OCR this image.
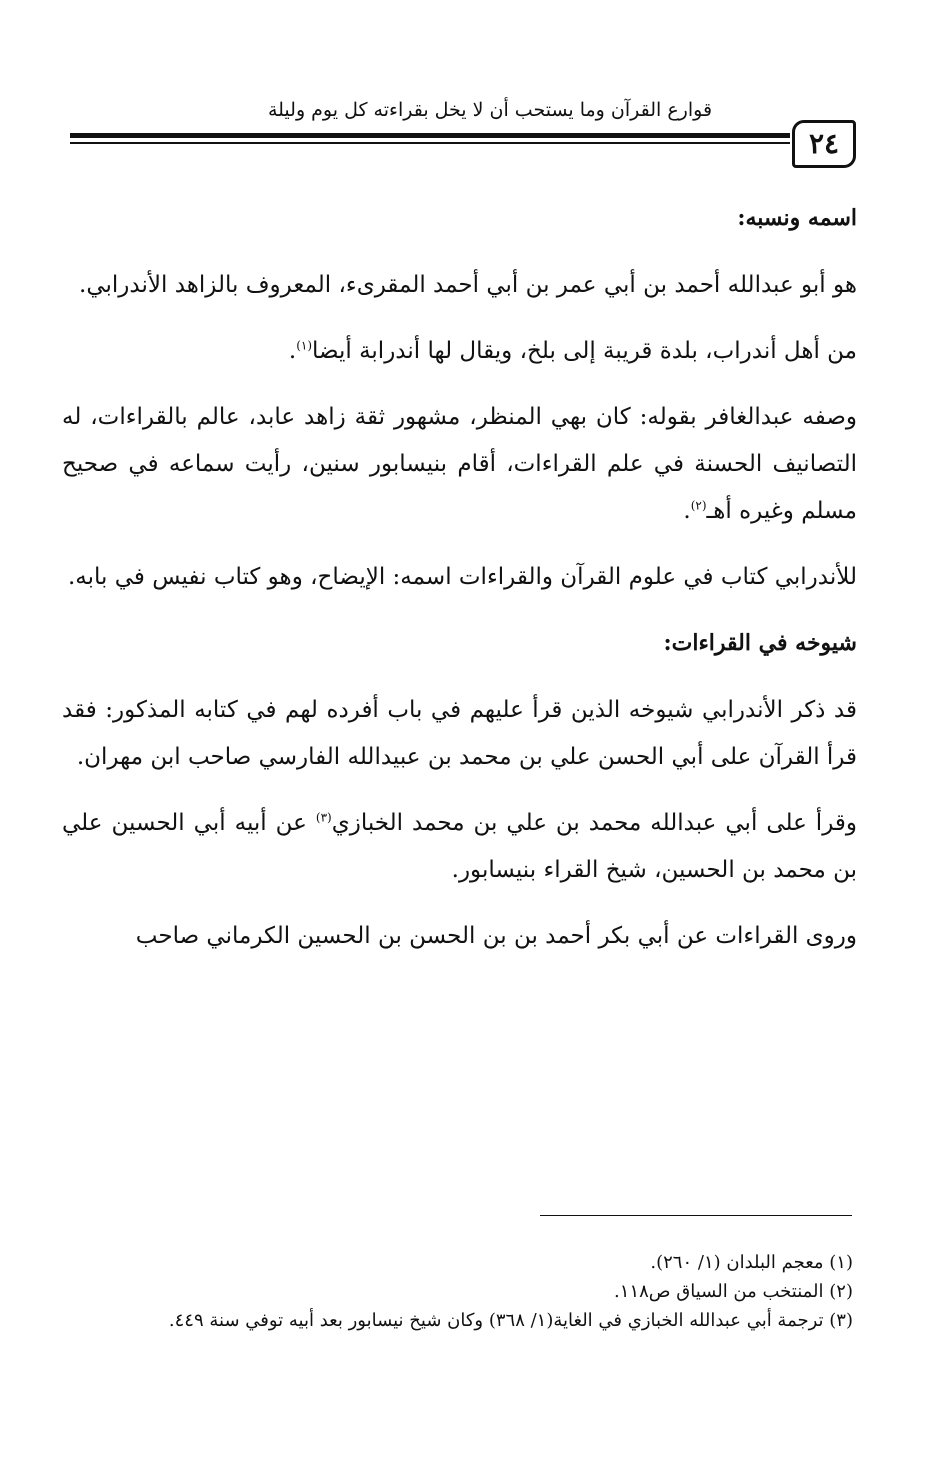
قوارع القرآن وما يستحب أن لا يخل بقراءته كل يوم وليلة
٢٤

اسمه ونسبه:

هو أبو عبدالله أحمد بن أبي عمر بن أبي أحمد المقرىء، المعروف بالزاهد الأندرابي.

من أهل أندراب، بلدة قريبة إلى بلخ، ويقال لها أندرابة أيضا$^{(١)}$.

وصفه عبدالغافر بقوله: كان بهي المنظر، مشهور ثقة زاهد عابد، عالم بالقراءات، له التصانيف الحسنة في علم القراءات، أقام بنيسابور سنين، رأيت سماعه في صحيح مسلم وغيره أهـ$^{(٢)}$.

للأندرابي كتاب في علوم القرآن والقراءات اسمه: الإيضاح، وهو كتاب نفيس في بابه.

شيوخه في القراءات:

قد ذكر الأندرابي شيوخه الذين قرأ عليهم في باب أفرده لهم في كتابه المذكور: فقد قرأ القرآن على أبي الحسن علي بن محمد بن عبيدالله الفارسي صاحب ابن مهران.

وقرأ على أبي عبدالله محمد بن علي بن محمد الخبازي$^{(٣)}$ عن أبيه أبي الحسين علي بن محمد بن الحسين، شيخ القراء بنيسابور.

وروى القراءات عن أبي بكر أحمد بن بن الحسن بن الحسين الكرماني صاحب

(١) معجم البلدان (١/ ٢٦٠).

(٢) المنتخب من السياق ص١١٨.

(٣) ترجمة أبي عبدالله الخبازي في الغاية(١/ ٣٦٨) وكان شيخ نيسابور بعد أبيه توفي سنة ٤٤٩.
